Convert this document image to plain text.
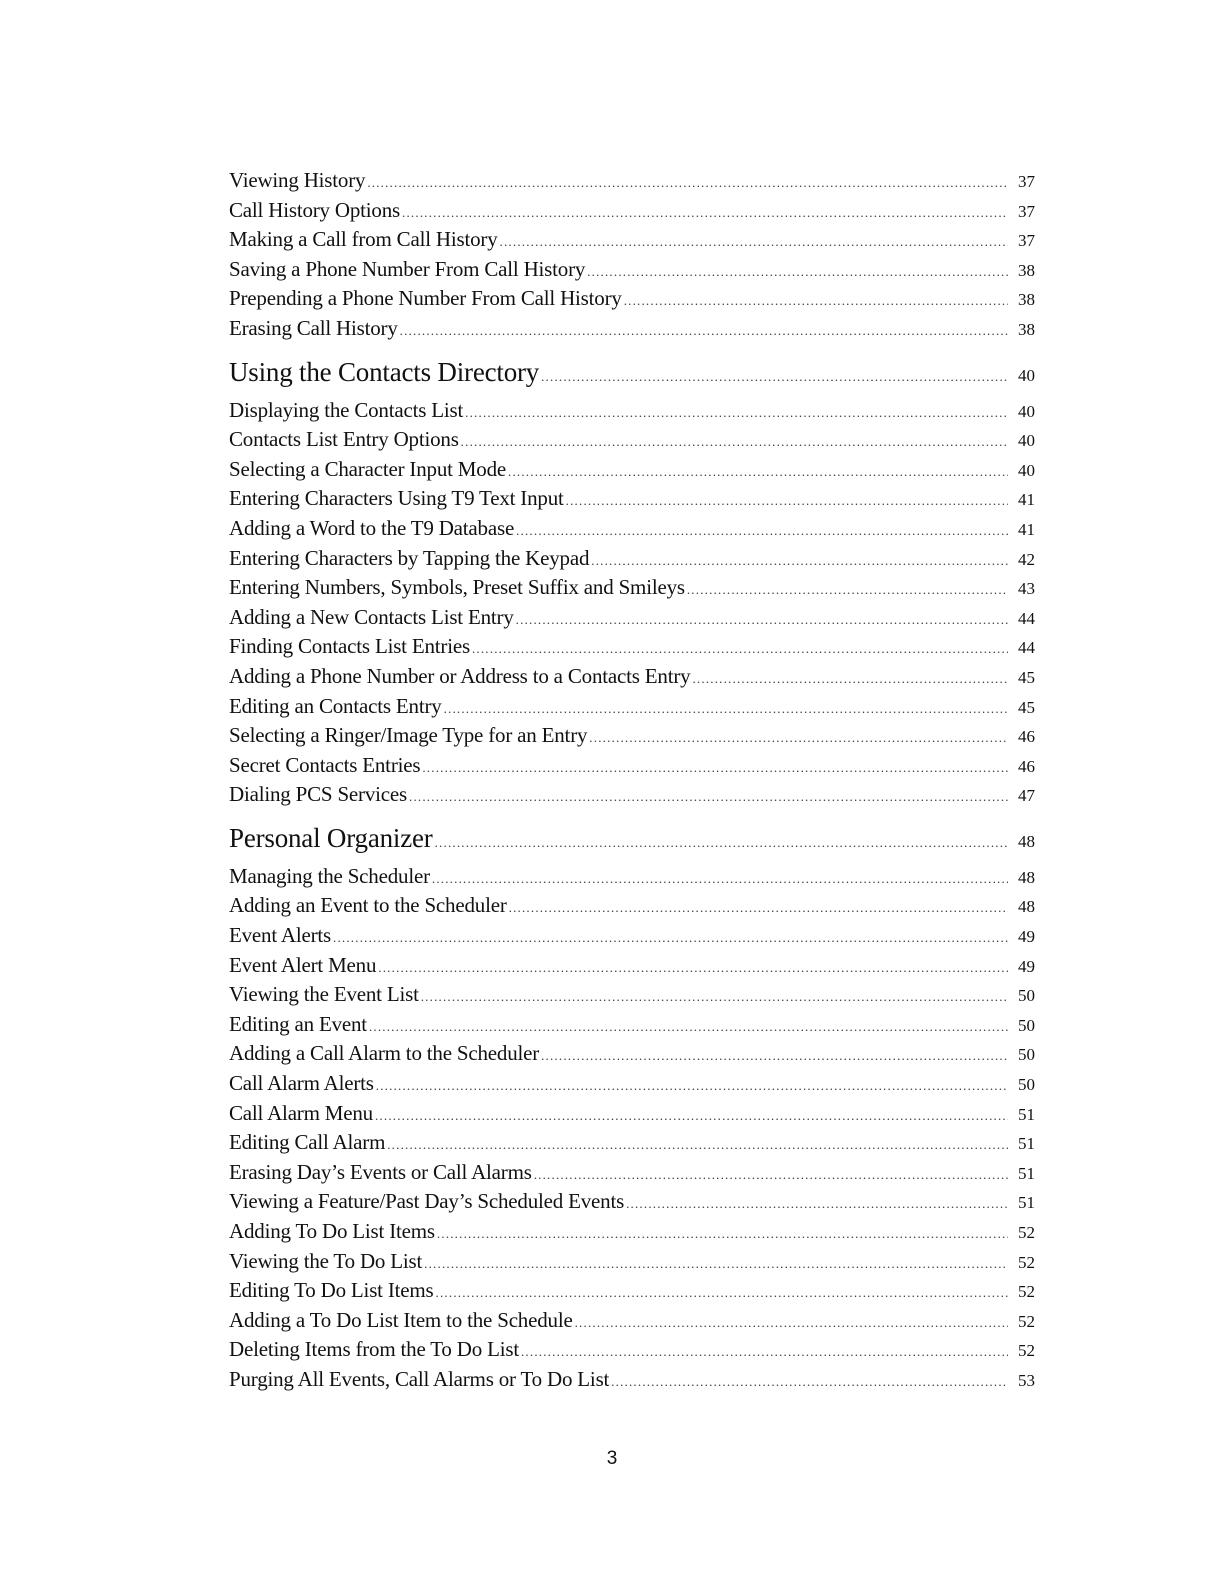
Viewing History .....	37
Call History Options .....	37
Making a Call from Call History .....	37
Saving a Phone Number From Call History .....	38
Prepending a Phone Number From Call History .....	38
Erasing Call History .....	38
Using the Contacts Directory .....	40
Displaying the Contacts List .....	40
Contacts List Entry Options .....	40
Selecting a Character Input Mode .....	40
Entering Characters Using T9 Text Input .....	41
Adding a Word to the T9 Database .....	41
Entering Characters by Tapping the Keypad .....	42
Entering Numbers, Symbols, Preset Suffix and Smileys .....	43
Adding a New Contacts List Entry .....	44
Finding Contacts List Entries .....	44
Adding a Phone Number or Address to a Contacts Entry .....	45
Editing an Contacts Entry .....	45
Selecting a Ringer/Image Type for an Entry .....	46
Secret Contacts Entries .....	46
Dialing PCS Services .....	47
Personal Organizer .....	48
Managing the Scheduler .....	48
Adding an Event to the Scheduler .....	48
Event Alerts .....	49
Event Alert Menu .....	49
Viewing the Event List .....	50
Editing an Event .....	50
Adding a Call Alarm to the Scheduler .....	50
Call Alarm Alerts .....	50
Call Alarm Menu .....	51
Editing Call Alarm .....	51
Erasing Day’s Events or Call Alarms .....	51
Viewing a Feature/Past Day’s Scheduled Events .....	51
Adding To Do List Items .....	52
Viewing the To Do List .....	52
Editing To Do List Items .....	52
Adding a To Do List Item to the Schedule .....	52
Deleting Items from the To Do List .....	52
Purging All Events, Call Alarms or To Do List .....	53
3
